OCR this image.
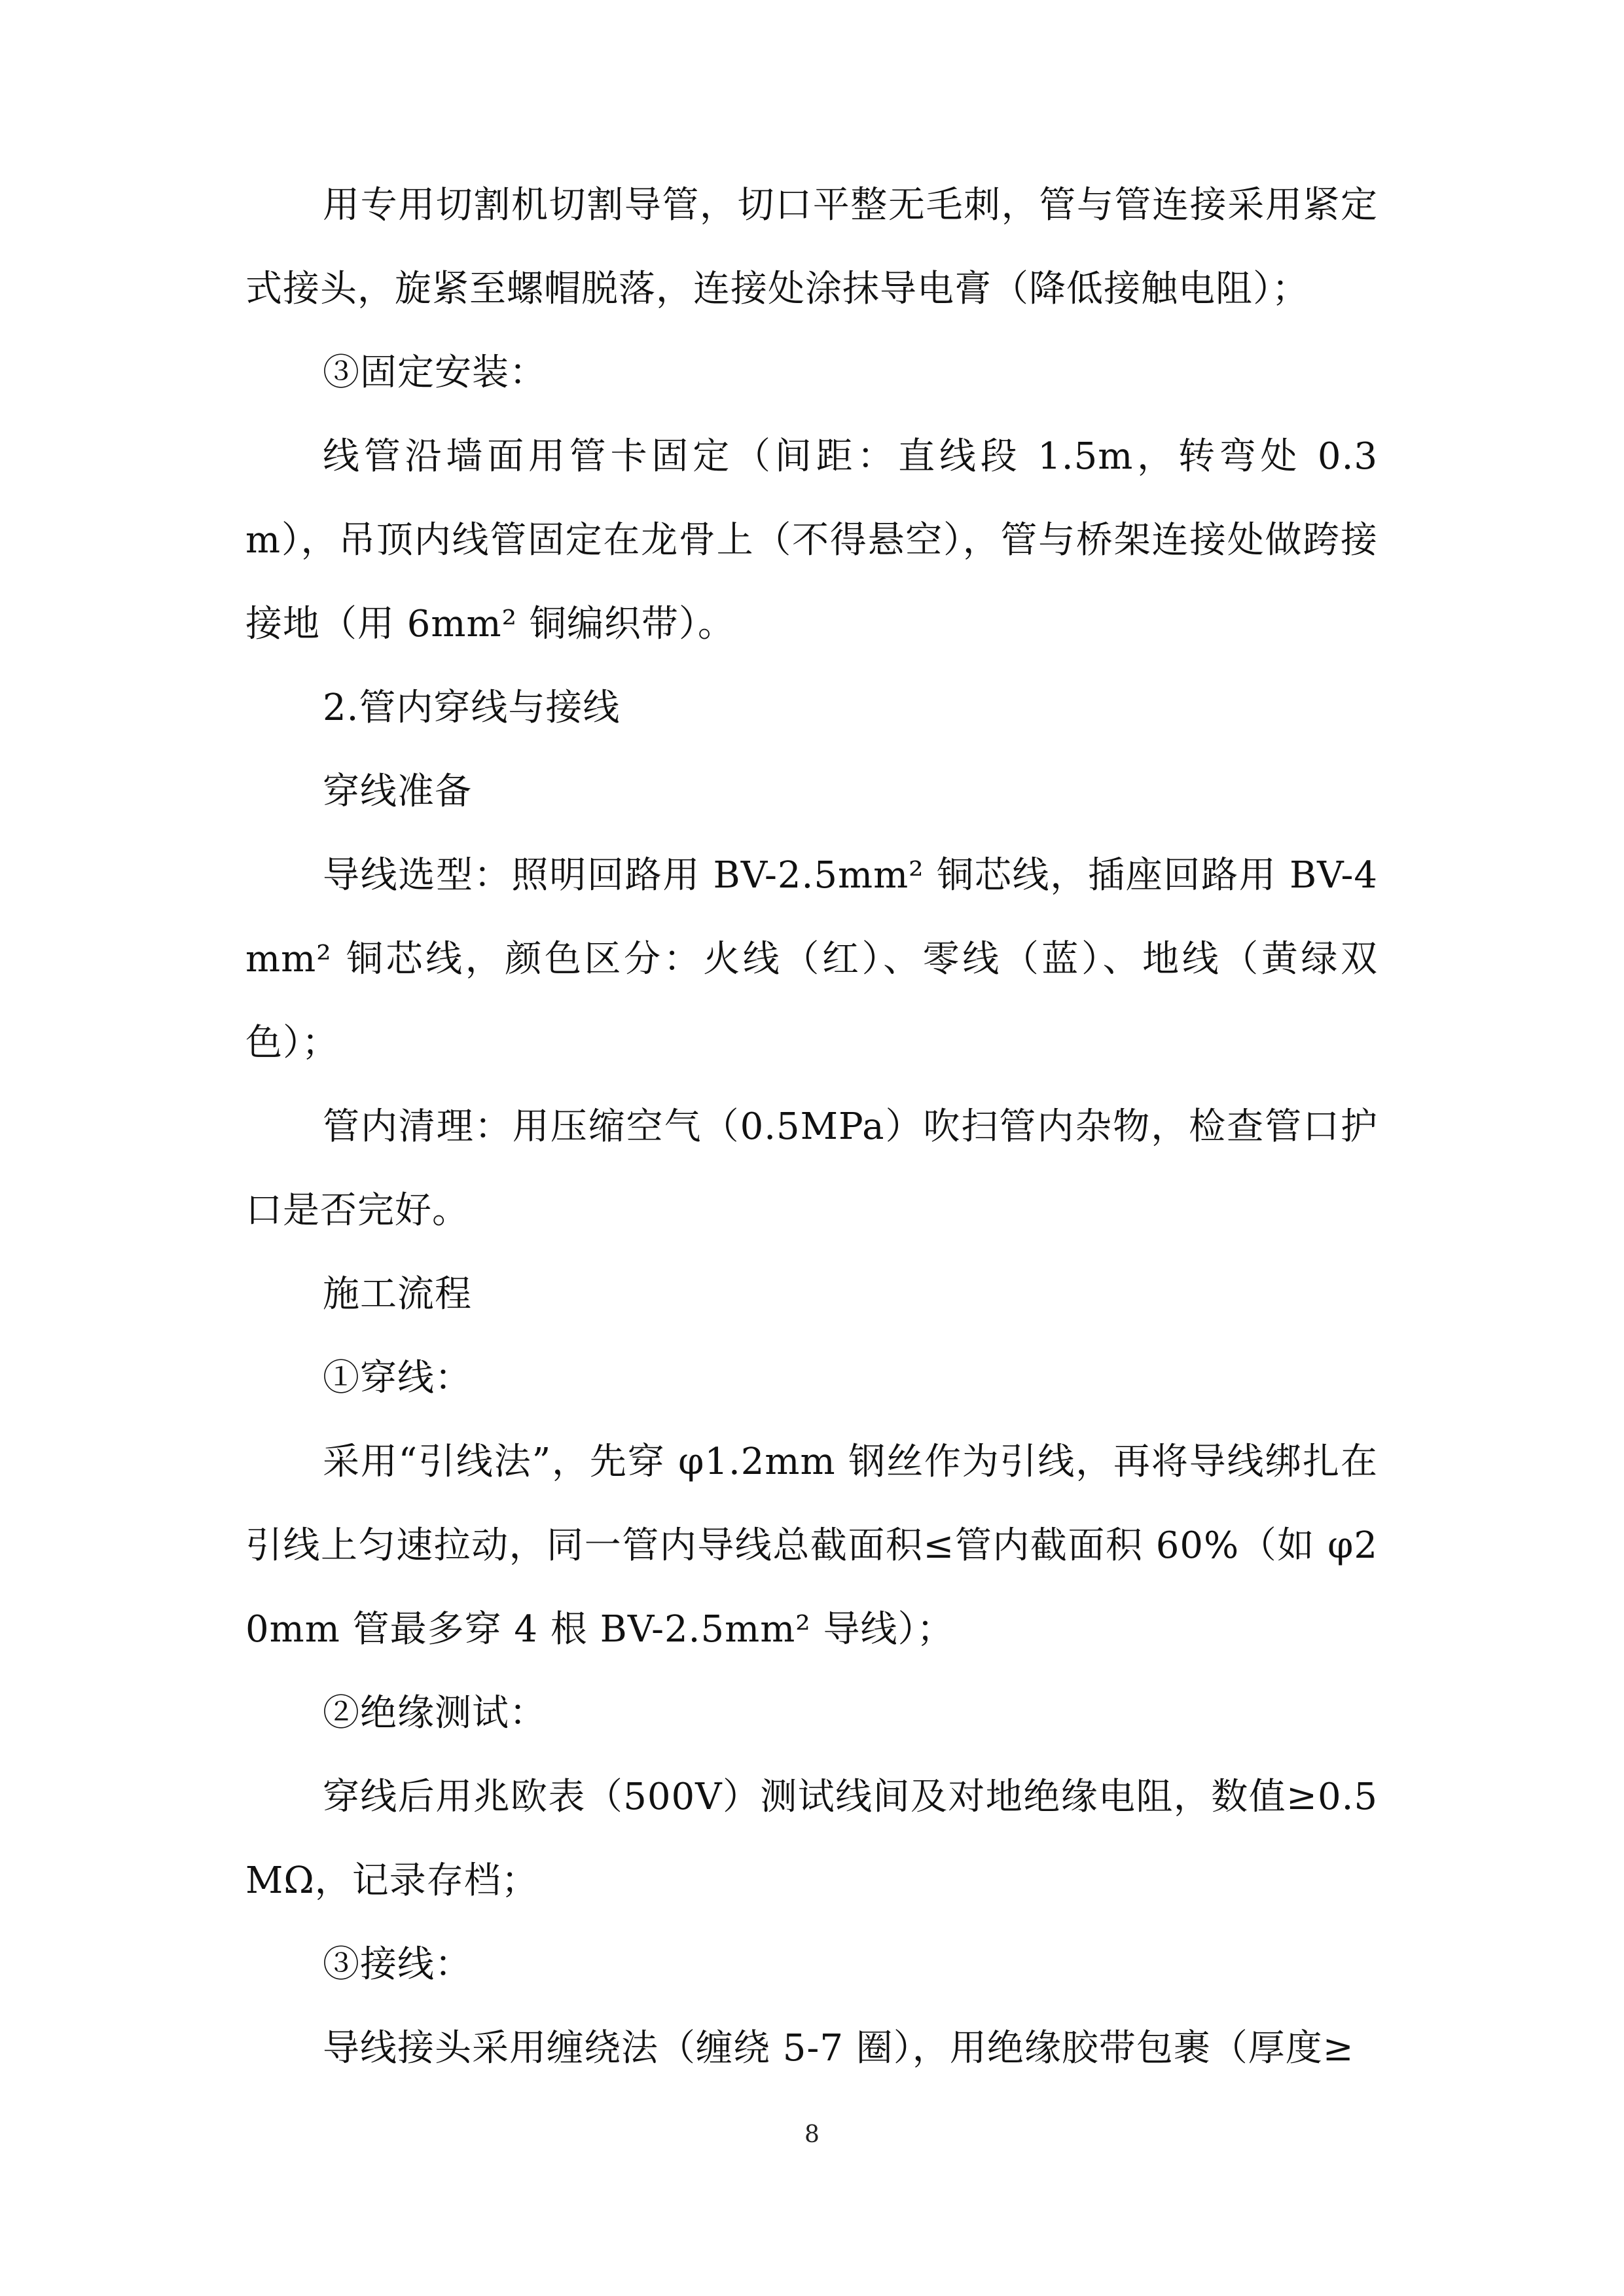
用专用切割机切割导管，切口平整无毛刺，管与管连接采用紧定式接头，旋紧至螺帽脱落，连接处涂抹导电膏（降低接触电阻）；

③固定安装：

线管沿墙面用管卡固定（间距：直线段 1.5m，转弯处 0.3m），吊顶内线管固定在龙骨上（不得悬空），管与桥架连接处做跨接接地（用 6mm² 铜编织带）。

2.管内穿线与接线

穿线准备

导线选型：照明回路用 BV-2.5mm² 铜芯线，插座回路用 BV-4mm² 铜芯线，颜色区分：火线（红）、零线（蓝）、地线（黄绿双色）；

管内清理：用压缩空气（0.5MPa）吹扫管内杂物，检查管口护口是否完好。

施工流程

①穿线：

采用“引线法”，先穿 φ1.2mm 钢丝作为引线，再将导线绑扎在引线上匀速拉动，同一管内导线总截面积≤管内截面积 60%（如 φ20mm 管最多穿 4 根 BV-2.5mm² 导线）；

②绝缘测试：

穿线后用兆欧表（500V）测试线间及对地绝缘电阻，数值≥0.5MΩ，记录存档；

③接线：

导线接头采用缠绕法（缠绕 5-7 圈），用绝缘胶带包裹（厚度≥

8
